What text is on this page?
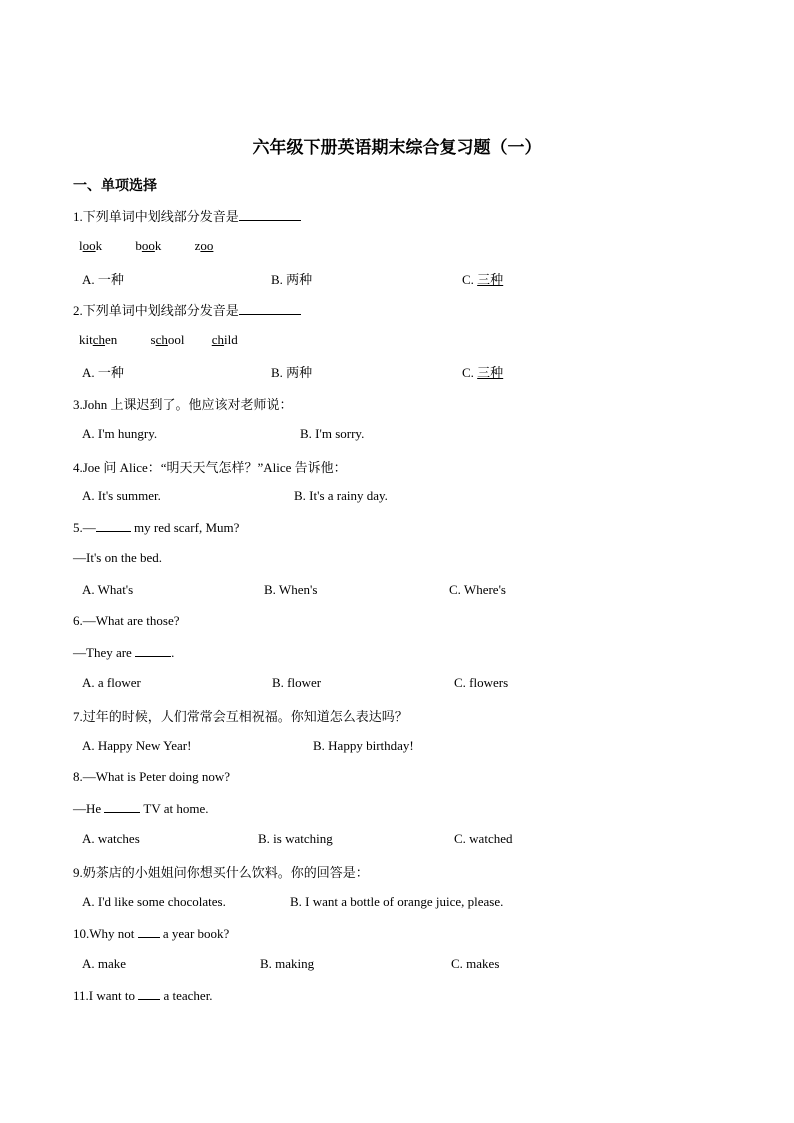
六年级下册英语期末综合复习题（一）
一、单项选择
1.下列单词中划线部分发音是
look	book	zoo
A. 一种	B. 两种	C. 三种
2.下列单词中划线部分发音是
kitchen	school child
A. 一种	B. 两种	C. 三种
3.John 上课迟到了。他应该对老师说：
A. I'm hungry.	B. I'm sorry.
4.Joe 问 Alice：“明天天气怎样？”Alice 告诉他：
A. It's summer.	B. It's a rainy day.
5.—	my red scarf, Mum?
—It's on the bed.
A. What's	B. When's	C. Where's
6.—What are those?
—They are	.
A. a flower	B. flower	C. flowers
7.过年的时候，人们常常会互相祝福。你知道怎么表达吗？
A. Happy New Year!	B. Happy birthday!
8.—What is Peter doing now?
—He	TV at home.
A. watches	B. is watching	C. watched
9.奶茶店的小姐姐问你想买什么饮料。你的回答是：
A. I'd like some chocolates.	B. I want a bottle of orange juice, please.
10.Why not  a year book?
A. make	B. making	C. makes
11.I want to  a teacher.
